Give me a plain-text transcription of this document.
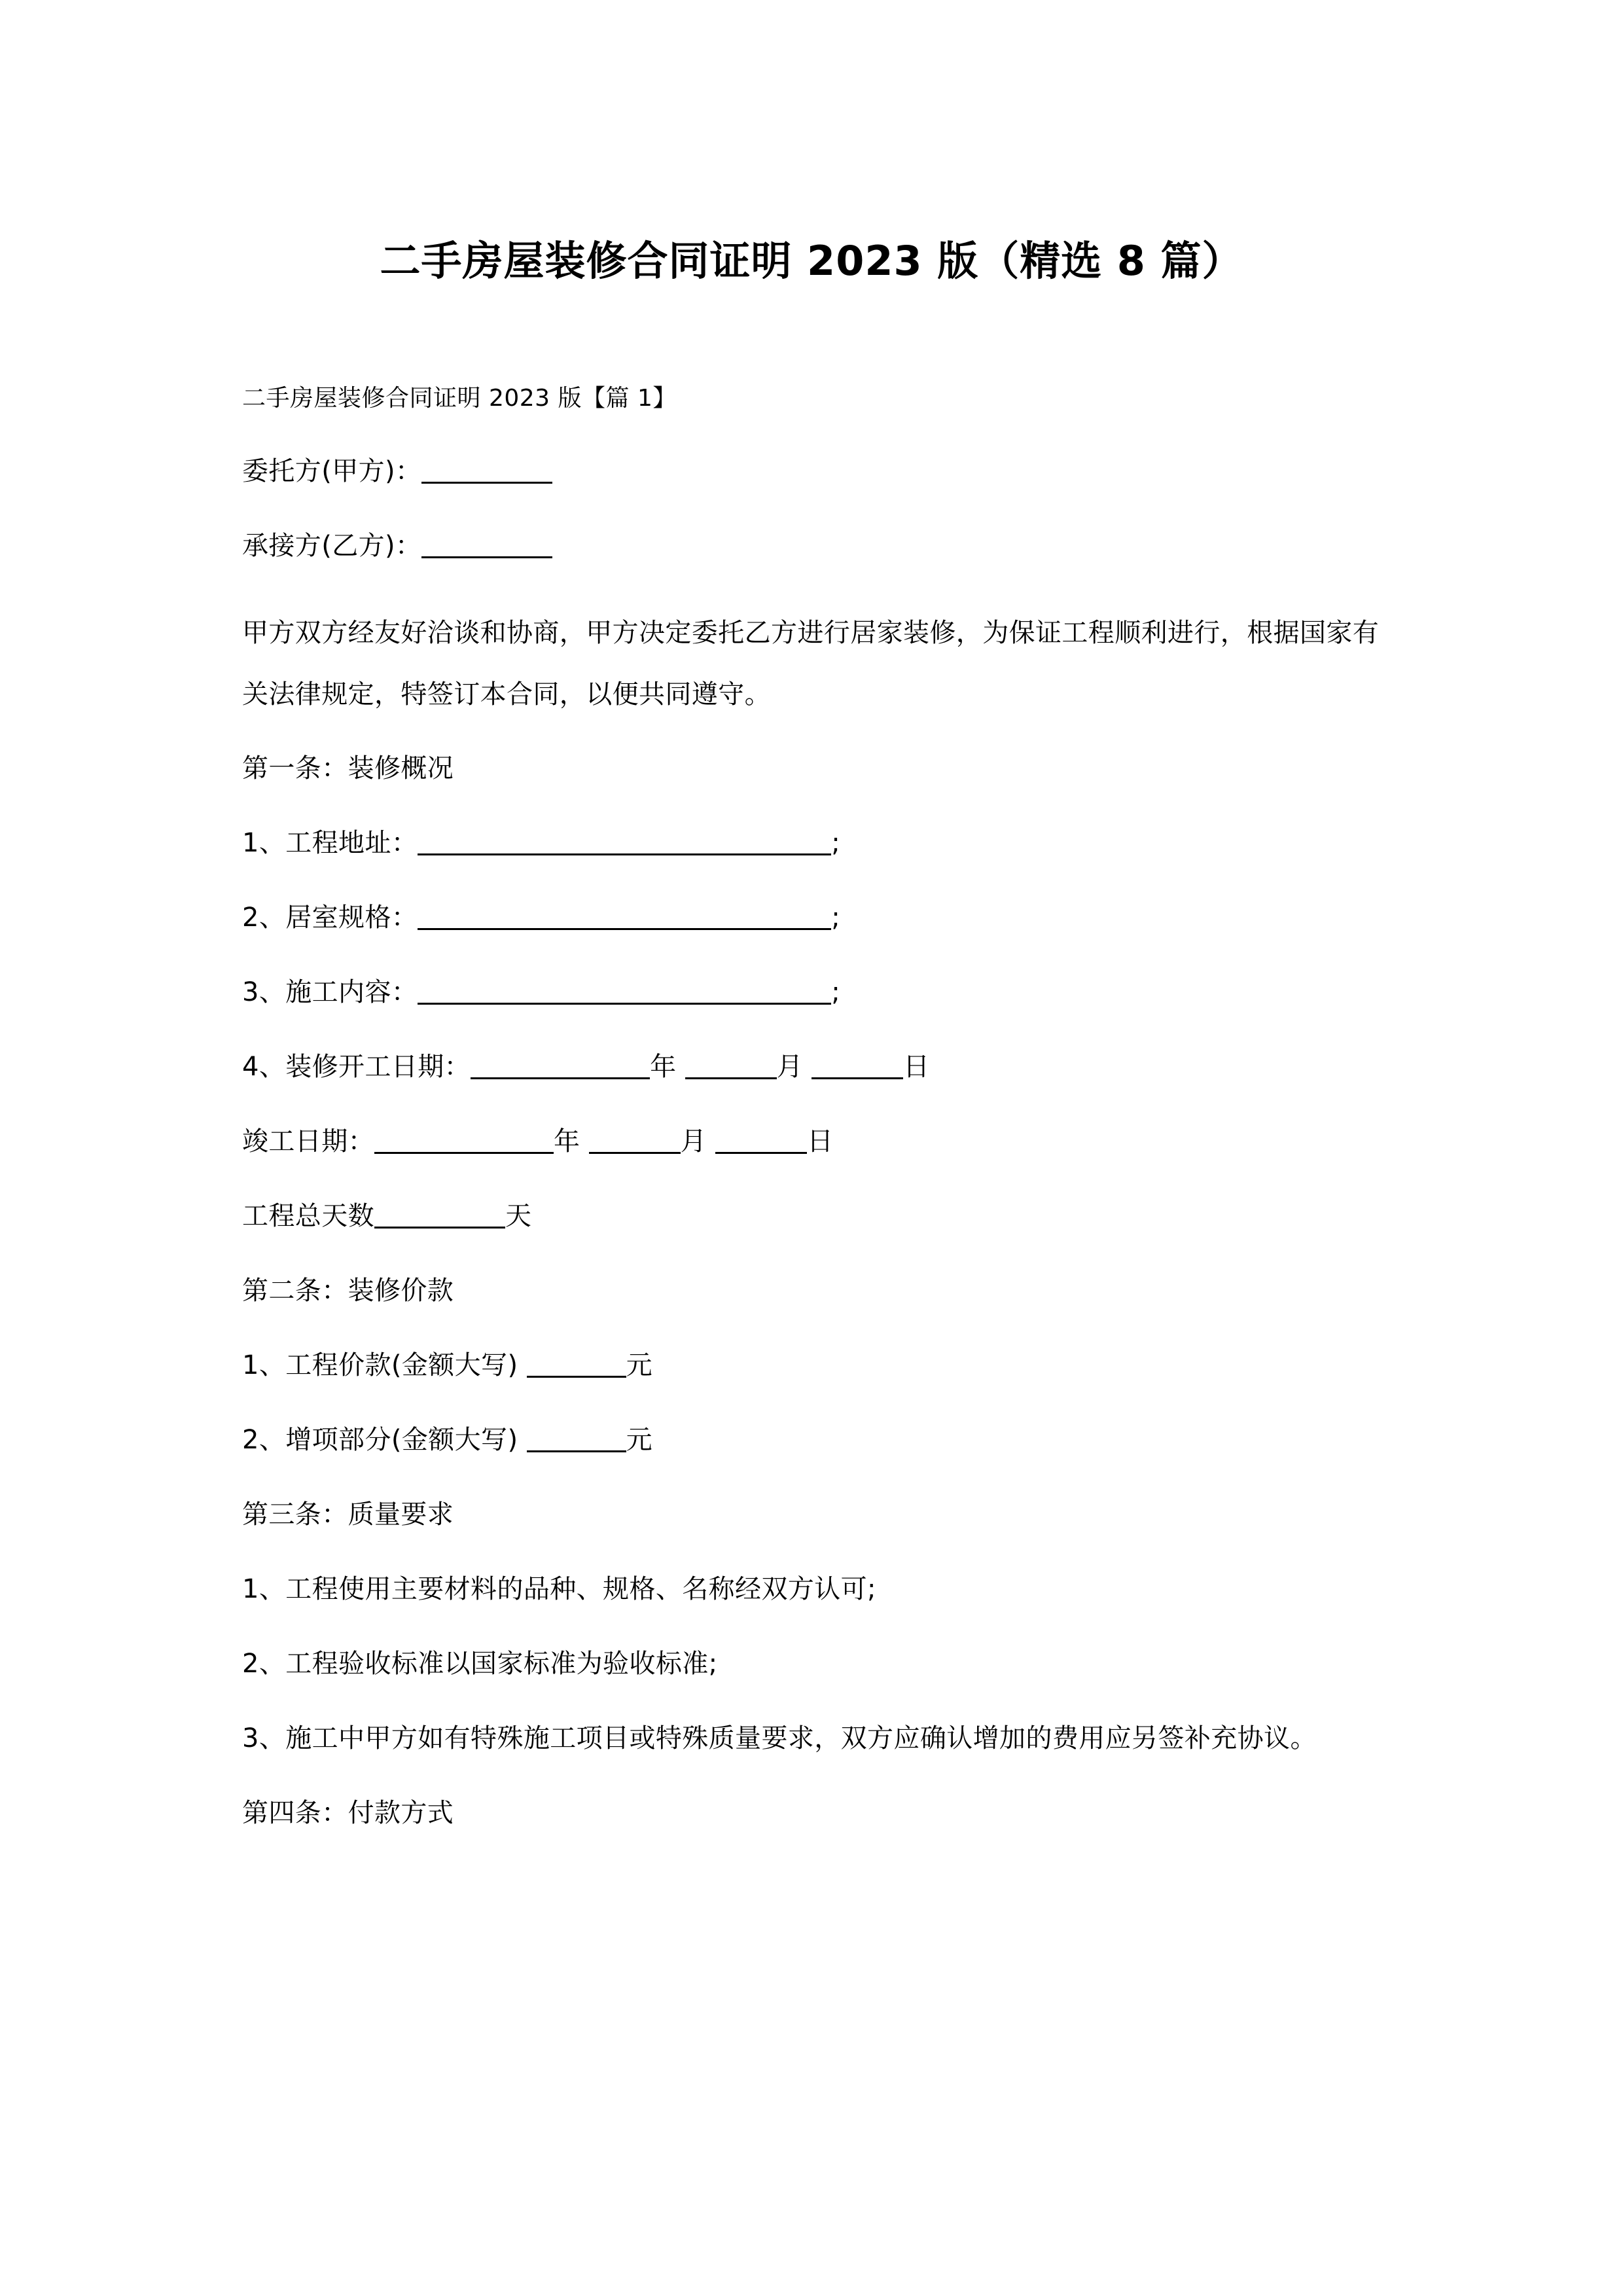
二手房屋装修合同证明 2023 版（精选 8 篇）

二手房屋装修合同证明 2023 版【篇 1】

委托方(甲方)：

承接方(乙方)：

甲方双方经友好洽谈和协商，甲方决定委托乙方进行居家装修，为保证工程顺利进行，根据国家有关法律规定，特签订本合同，以便共同遵守。

第一条：装修概况

1、工程地址：	;

2、居室规格：	;

3、施工内容：	;

4、装修开工日期：	年	月	日

竣工日期：	年	月	日

工程总天数	天

第二条：装修价款

1、工程价款(金额大写)	元

2、增项部分(金额大写)	元

第三条：质量要求

1、工程使用主要材料的品种、规格、名称经双方认可;

2、工程验收标准以国家标准为验收标准;

3、施工中甲方如有特殊施工项目或特殊质量要求，双方应确认增加的费用应另签补充协议。

第四条：付款方式
